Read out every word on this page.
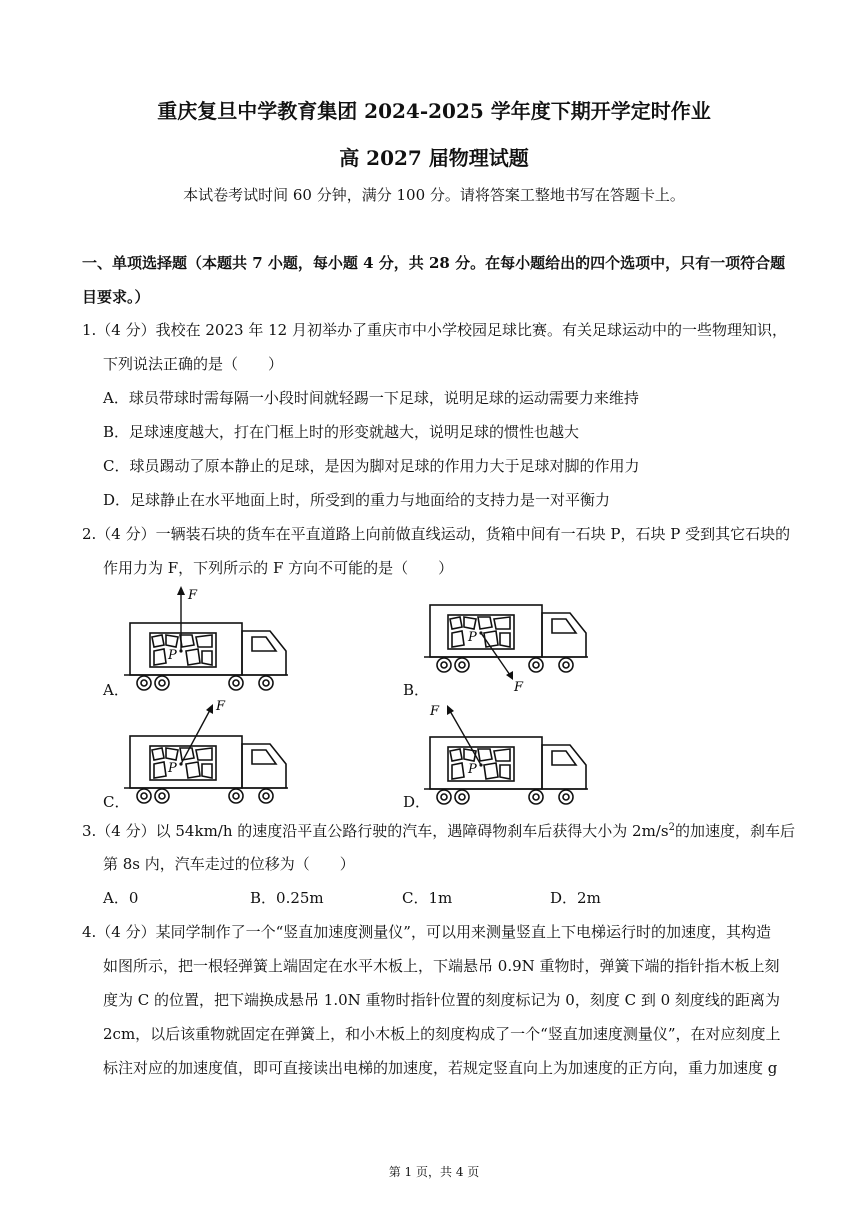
重庆复旦中学教育集团 2024-2025 学年度下期开学定时作业
高 2027 届物理试题
本试卷考试时间 60 分钟，满分 100 分。请将答案工整地书写在答题卡上。
一、单项选择题（本题共 7 小题，每小题 4 分，共 28 分。在每小题给出的四个选项中，只有一项符合题
目要求。）
1.（4 分）我校在 2023 年 12 月初举办了重庆市中小学校园足球比赛。有关足球运动中的一些物理知识，
下列说法正确的是（　　）
A．球员带球时需每隔一小段时间就轻踢一下足球，说明足球的运动需要力来维持
B．足球速度越大，打在门框上时的形变就越大，说明足球的惯性也越大
C．球员踢动了原本静止的足球，是因为脚对足球的作用力大于足球对脚的作用力
D．足球静止在水平地面上时，所受到的重力与地面给的支持力是一对平衡力
2.（4 分）一辆装石块的货车在平直道路上向前做直线运动，货箱中间有一石块 P，石块 P 受到其它石块的
作用力为 F，下列所示的 F 方向不可能的是（　　）
F
P
A．	F
P
B．
F
P
C．
F
P
D．
3.（4 分）以 54km/h 的速度沿平直公路行驶的汽车，遇障碍物刹车后获得大小为 $2m/s^2$的加速度，刹车后
第 8s 内，汽车走过的位移为（　　）
A．0	B．0.25m	C．1m	D．2m
4.（4 分）某同学制作了一个“竖直加速度测量仪”，可以用来测量竖直上下电梯运行时的加速度，其构造
如图所示，把一根轻弹簧上端固定在水平木板上，下端悬吊 0.9N 重物时，弹簧下端的指针指木板上刻
度为 C 的位置，把下端换成悬吊 1.0N 重物时指针位置的刻度标记为 0，刻度 C 到 0 刻度线的距离为
2cm，以后该重物就固定在弹簧上，和小木板上的刻度构成了一个“竖直加速度测量仪”，在对应刻度上
标注对应的加速度值，即可直接读出电梯的加速度，若规定竖直向上为加速度的正方向，重力加速度 g
第 1 页，共 4 页
